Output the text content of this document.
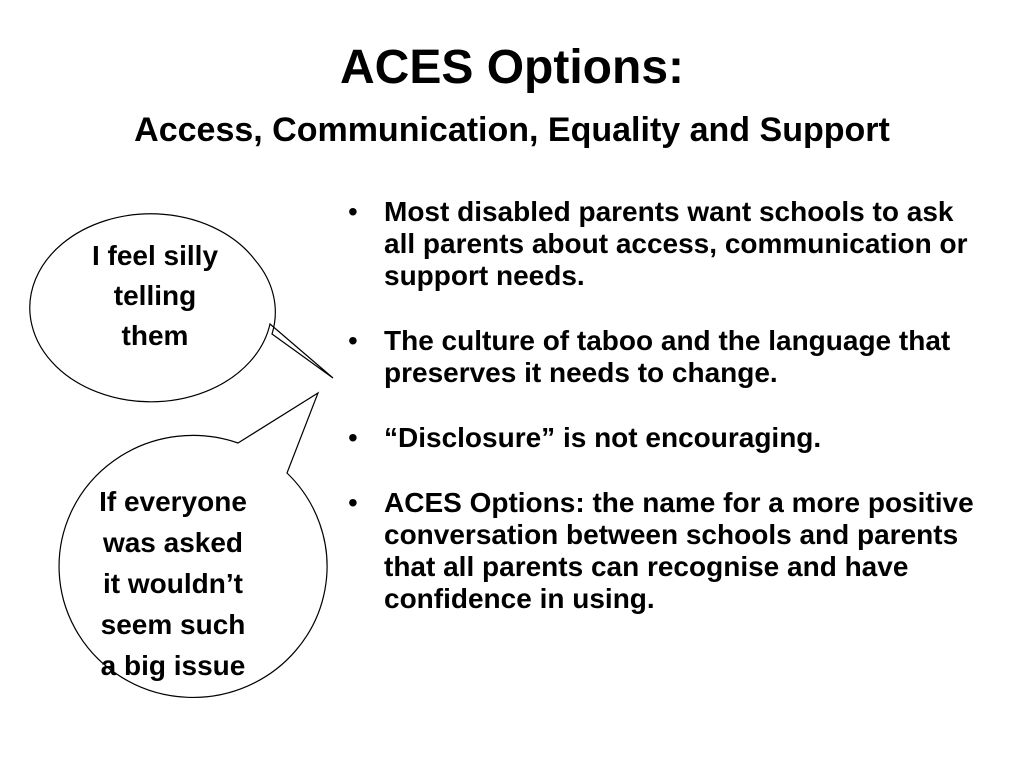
ACES Options:
Access, Communication, Equality and Support
I feel silly
telling
them
If everyone
was asked
it wouldn’t
seem such
a big issue
• Most disabled parents want schools to ask all parents about access, communication or support needs.
• The culture of taboo and the language that preserves it needs to change.
• “Disclosure” is not encouraging.
• ACES Options: the name for a more positive conversation between schools and parents that all parents can recognise and have confidence in using.
